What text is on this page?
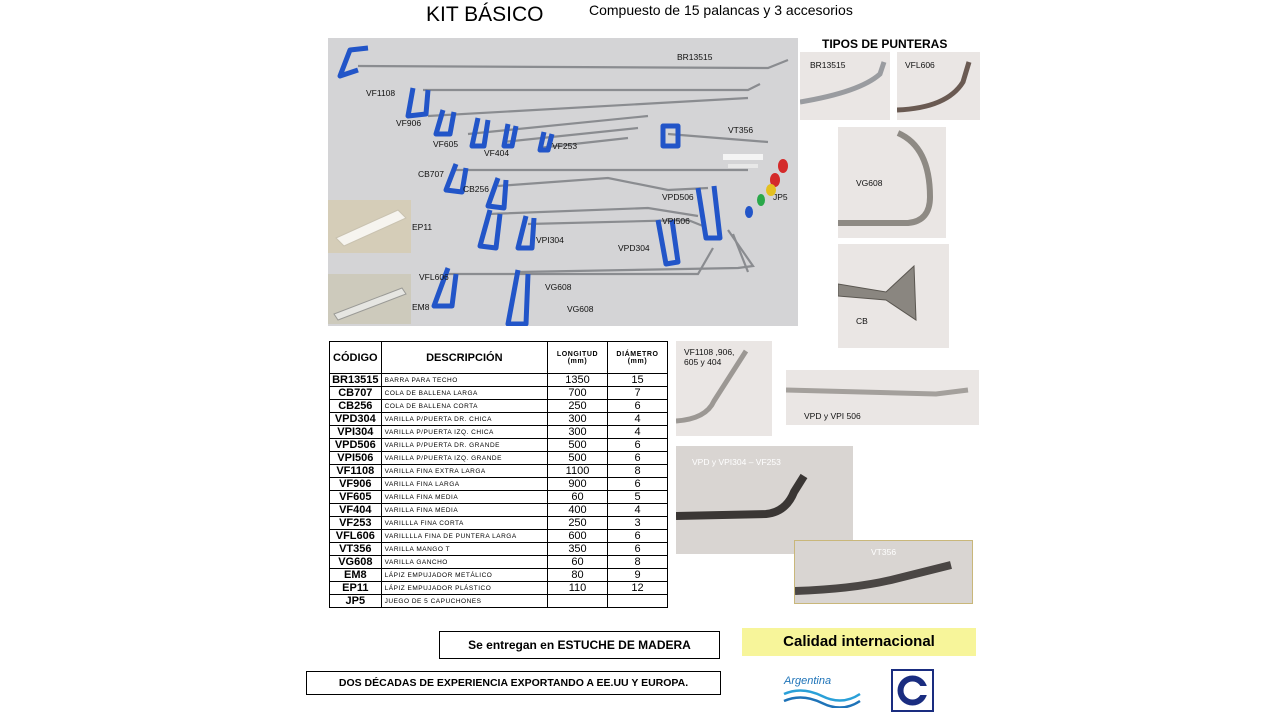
KIT BÁSICO	Compuesto de 15 palancas y 3 accesorios
BR13515
VF1108
VF906
VF605
VF404
VF253
VT356
CB707
CB256
VPD506
VPI506
JP5
EP11
VPI304
VPD304
VFL606
VG608
VG608
EM8
TIPOS DE PUNTERAS
BR13515	VFL606
VG608
CB
VF1108 ,906, 605 y 404
VPD y VPI 506
VPD y VPI304 – VF253
VT356
CÓDIGO	DESCRIPCIÓN	LONGITUD (mm)	DIÁMETRO (mm)
BR13515	BARRA PARA TECHO	1350	15
CB707	COLA DE BALLENA LARGA	700	7
CB256	COLA DE BALLENA CORTA	250	6
VPD304	VARILLA P/PUERTA DR. CHICA	300	4
VPI304	VARILLA P/PUERTA IZQ. CHICA	300	4
VPD506	VARILLA P/PUERTA DR. GRANDE	500	6
VPI506	VARILLA P/PUERTA IZQ. GRANDE	500	6
VF1108	VARILLA FINA EXTRA LARGA	1100	8
VF906	VARILLA FINA LARGA	900	6
VF605	VARILLA FINA MEDIA	60	5
VF404	VARILLA FINA MEDIA	400	4
VF253	VARILLLA FINA CORTA	250	3
VFL606	VARILLLLA FINA DE PUNTERA LARGA	600	6
VT356	VARILLA MANGO T	350	6
VG608	VARILLA GANCHO	60	8
EM8	LÁPIZ EMPUJADOR METÁLICO	80	9
EP11	LÁPIZ EMPUJADOR PLÁSTICO	110	12
JP5	JUEGO DE 5 CAPUCHONES		
Se entregan en ESTUCHE DE MADERA
DOS DÉCADAS DE EXPERIENCIA EXPORTANDO A EE.UU Y EUROPA.
Calidad internacional
Argentina
